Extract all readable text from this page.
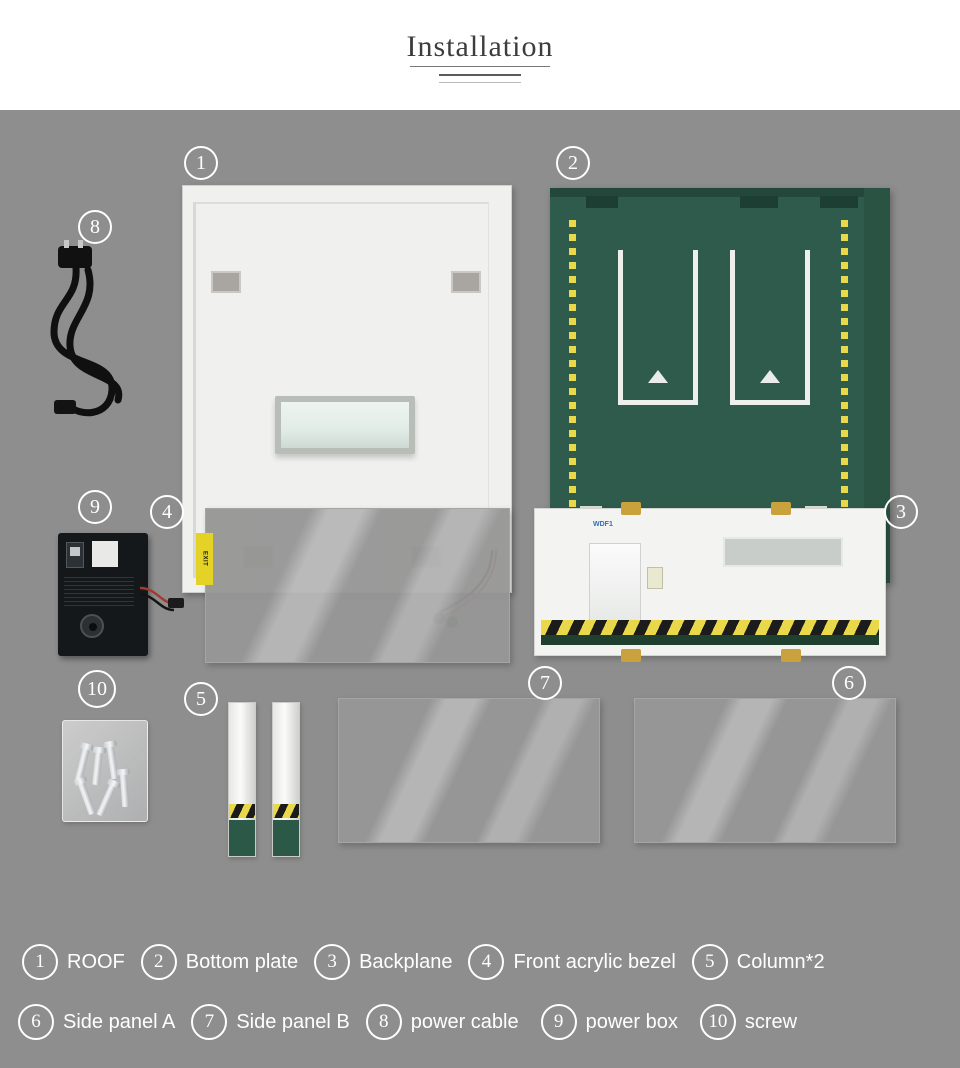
Installation
EXIT
WDF1
1	2
8
9	4	3
10	5
7	6
1	ROOF	2	Bottom plate	3	Backplane	4	Front acrylic bezel	5	Column*2
6	Side panel A	7	Side panel B	8	power cable	9	power box	10 screw
